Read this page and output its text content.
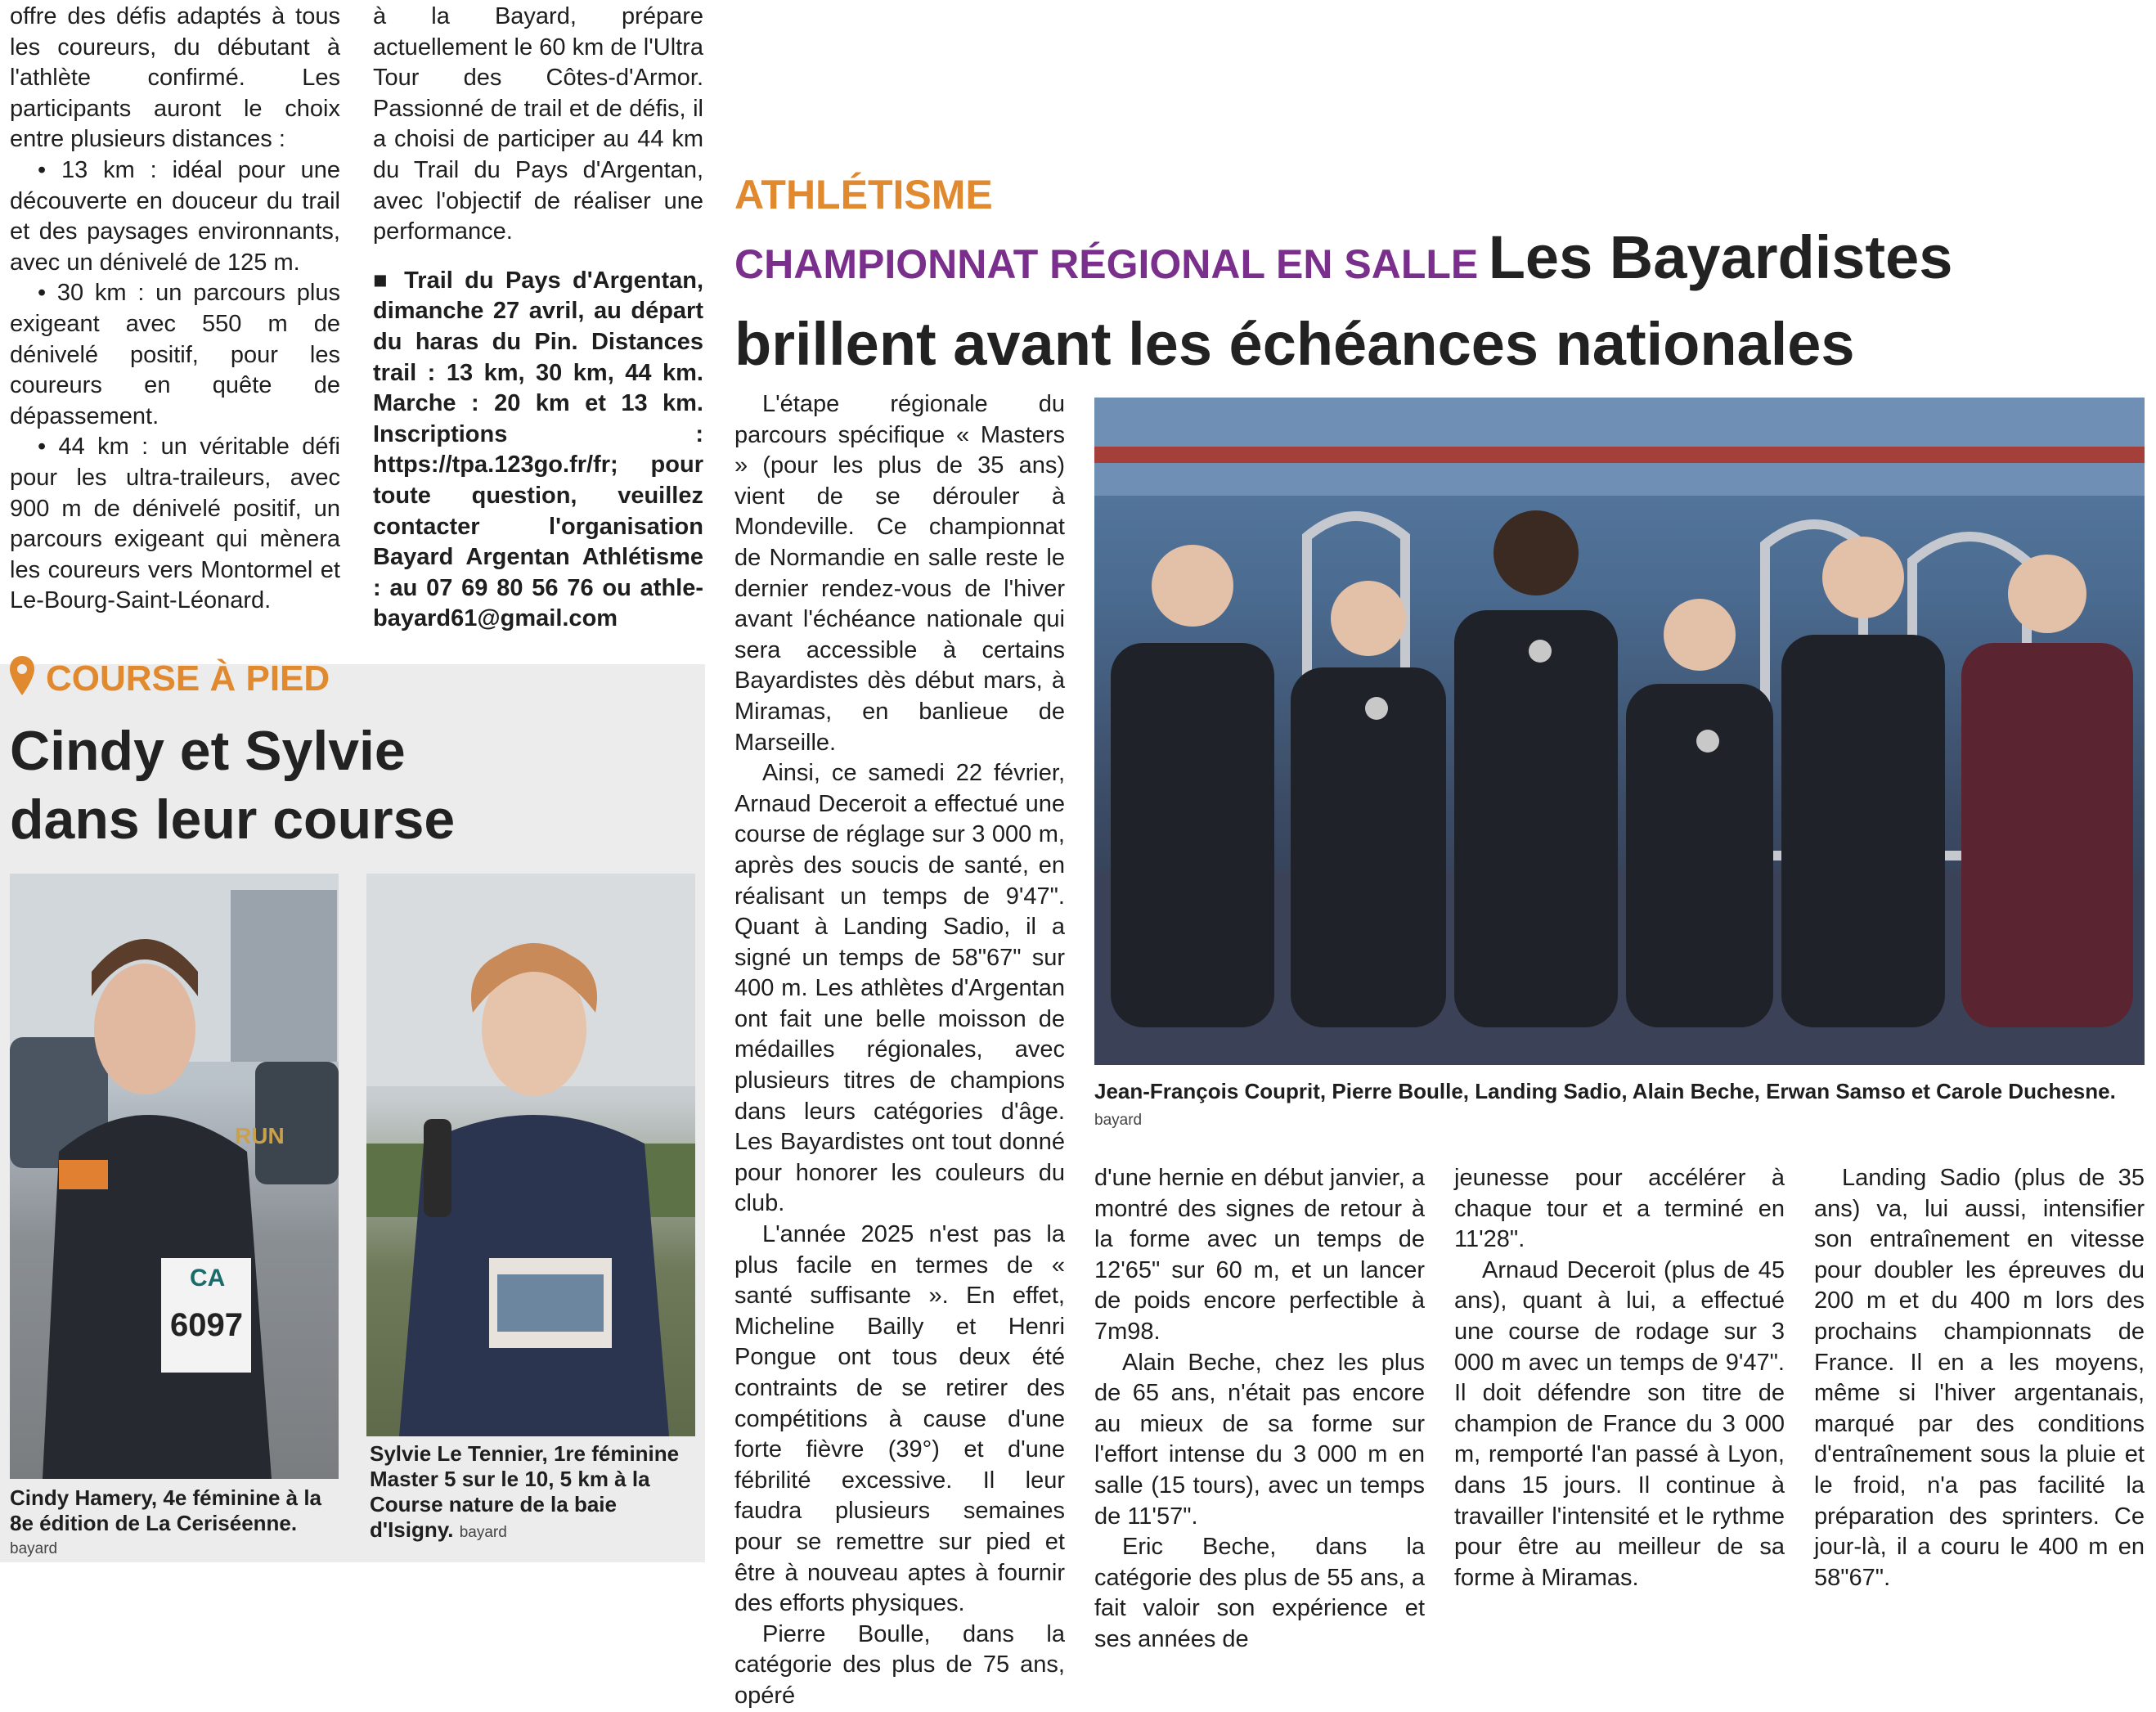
offre des défis adaptés à tous les coureurs, du débutant à l'athlète confirmé. Les participants auront le choix entre plusieurs distances :

• 13 km : idéal pour une découverte en douceur du trail et des paysages environnants, avec un dénivelé de 125 m.

• 30 km : un parcours plus exigeant avec 550 m de dénivelé positif, pour les coureurs en quête de dépassement.

• 44 km : un véritable défi pour les ultra-traileurs, avec 900 m de dénivelé positif, un parcours exigeant qui mènera les coureurs vers Montormel et Le-Bourg-Saint-Léonard.

à la Bayard, prépare actuellement le 60 km de l'Ultra Tour des Côtes-d'Armor. Passionné de trail et de défis, il a choisi de participer au 44 km du Trail du Pays d'Argentan, avec l'objectif de réaliser une performance.

■ Trail du Pays d'Argentan, dimanche 27 avril, au départ du haras du Pin. Distances trail : 13 km, 30 km, 44 km. Marche : 20 km et 13 km. Inscriptions : https://tpa.123go.fr/fr; pour toute question, veuillez contacter l'organisation Bayard Argentan Athlétisme : au 07 69 80 56 76 ou athle-bayard61@gmail.com

COURSE À PIED
Cindy et Sylvie
dans leur course
RUN
CA
6097
Cindy Hamery, 4e féminine à la 8e édition de La Ceriséenne.
bayard
Sylvie Le Tennier, 1re féminine Master 5 sur le 10, 5 km à la Course nature de la baie d'Isigny. bayard
ATHLÉTISME
CHAMPIONNAT RÉGIONAL EN SALLE Les Bayardistes
brillent avant les échéances nationales

L'étape régionale du parcours spécifique « Masters » (pour les plus de 35 ans) vient de se dérouler à Mondeville. Ce championnat de Normandie en salle reste le dernier rendez-vous de l'hiver avant l'échéance nationale qui sera accessible à certains Bayardistes dès début mars, à Miramas, en banlieue de Marseille.

Ainsi, ce samedi 22 février, Arnaud Deceroit a effectué une course de réglage sur 3 000 m, après des soucis de santé, en réalisant un temps de 9'47". Quant à Landing Sadio, il a signé un temps de 58"67" sur 400 m. Les athlètes d'Argentan ont fait une belle moisson de médailles régionales, avec plusieurs titres de champions dans leurs catégories d'âge. Les Bayardistes ont tout donné pour honorer les couleurs du club.

L'année 2025 n'est pas la plus facile en termes de « santé suffisante ». En effet, Micheline Bailly et Henri Pongue ont tous deux été contraints de se retirer des compétitions à cause d'une forte fièvre (39°) et d'une fébrilité excessive. Il leur faudra plusieurs semaines pour se remettre sur pied et être à nouveau aptes à fournir des efforts physiques.

Pierre Boulle, dans la catégorie des plus de 75 ans, opéré

Jean-François Couprit, Pierre Boulle, Landing Sadio, Alain Beche, Erwan Samso et Carole Duchesne. bayard

d'une hernie en début janvier, a montré des signes de retour à la forme avec un temps de 12'65" sur 60 m, et un lancer de poids encore perfectible à 7m98.

Alain Beche, chez les plus de 65 ans, n'était pas encore au mieux de sa forme sur l'effort intense du 3 000 m en salle (15 tours), avec un temps de 11'57".

Eric Beche, dans la catégorie des plus de 55 ans, a fait valoir son expérience et ses années de

jeunesse pour accélérer à chaque tour et a terminé en 11'28".

Arnaud Deceroit (plus de 45 ans), quant à lui, a effectué une course de rodage sur 3 000 m avec un temps de 9'47". Il doit défendre son titre de champion de France du 3 000 m, remporté l'an passé à Lyon, dans 15 jours. Il continue à travailler l'intensité et le rythme pour être au meilleur de sa forme à Miramas.

Landing Sadio (plus de 35 ans) va, lui aussi, intensifier son entraînement en vitesse pour doubler les épreuves du 200 m et du 400 m lors des prochains championnats de France. Il en a les moyens, même si l'hiver argentanais, marqué par des conditions d'entraînement sous la pluie et le froid, n'a pas facilité la préparation des sprinters. Ce jour-là, il a couru le 400 m en 58"67".
